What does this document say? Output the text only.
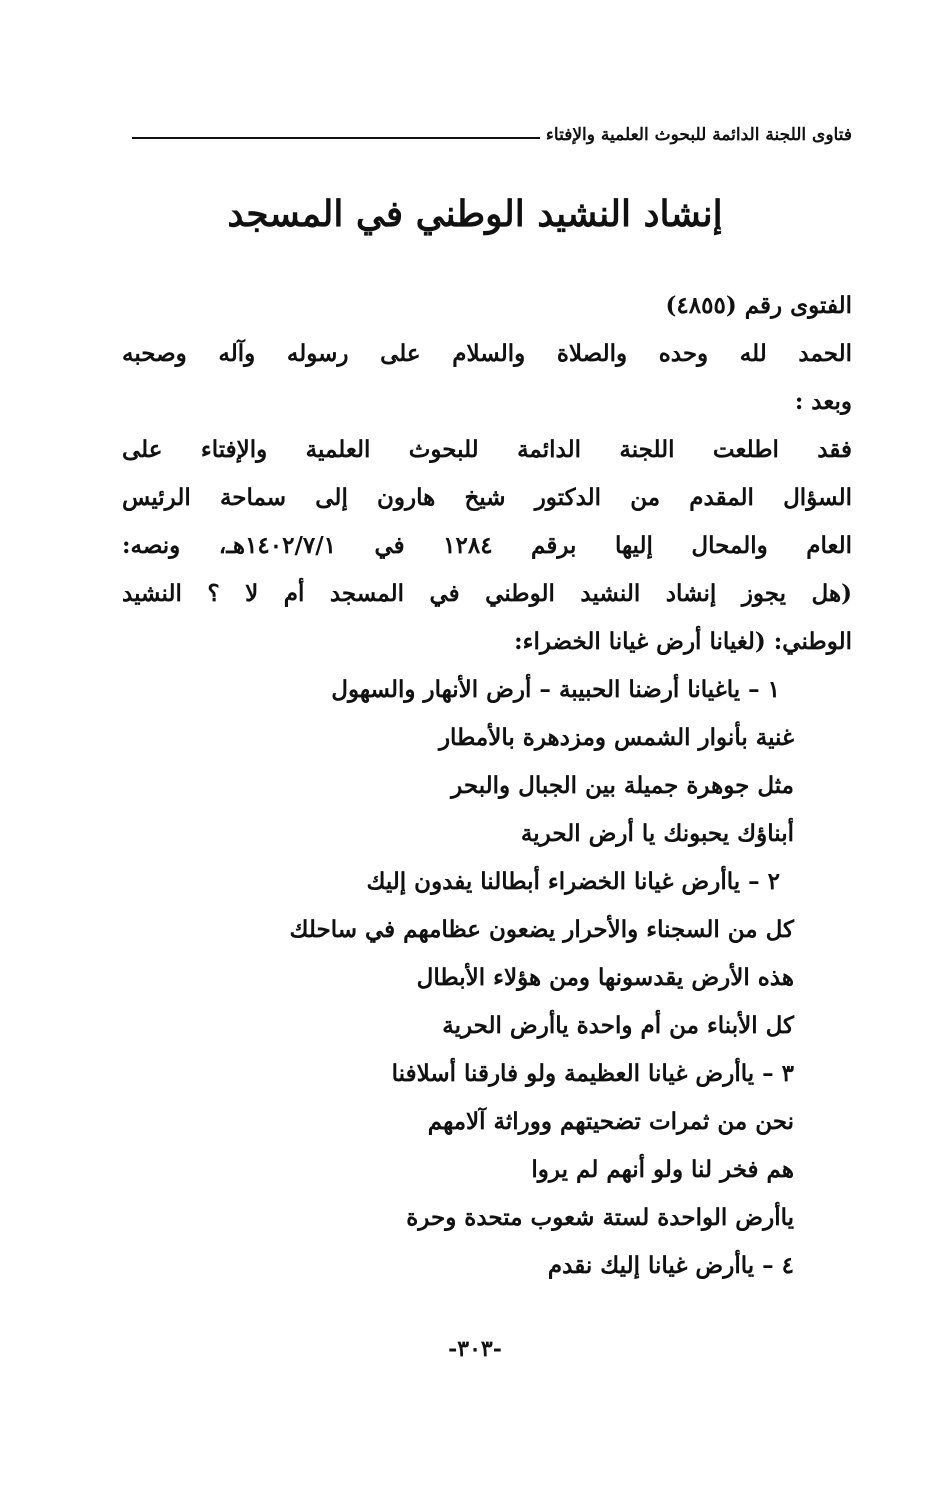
فتاوى اللجنة الدائمة للبحوث العلمية والإفتاء
إنشاد النشيد الوطني في المسجد
الفتوى رقم (٤٨٥٥)
الحمد لله وحده والصلاة والسلام على رسوله وآله وصحبه
وبعد :
فقد اطلعت اللجنة الدائمة للبحوث العلمية والإفتاء على
السؤال المقدم من الدكتور شيخ هارون إلى سماحة الرئيس
العام والمحال إليها برقم ١٢٨٤ في ١٤٠٢/٧/١هـ، ونصه:
(هل يجوز إنشاد النشيد الوطني في المسجد أم لا ؟ النشيد
الوطني: (لغيانا أرض غيانا الخضراء:
١ – ياغيانا أرضنا الحبيبة – أرض الأنهار والسهول
غنية بأنوار الشمس ومزدهرة بالأمطار
مثل جوهرة جميلة بين الجبال والبحر
أبناؤك يحبونك يا أرض الحرية
٢ – ياأرض غيانا الخضراء أبطالنا يفدون إليك
كل من السجناء والأحرار يضعون عظامهم في ساحلك
هذه الأرض يقدسونها ومن هؤلاء الأبطال
كل الأبناء من أم واحدة ياأرض الحرية
٣ – ياأرض غيانا العظيمة ولو فارقنا أسلافنا
نحن من ثمرات تضحيتهم ووراثة آلامهم
هم فخر لنا ولو أنهم لم يروا
ياأرض الواحدة لستة شعوب متحدة وحرة
٤ – ياأرض غيانا إليك نقدم
-٣٠٣-
